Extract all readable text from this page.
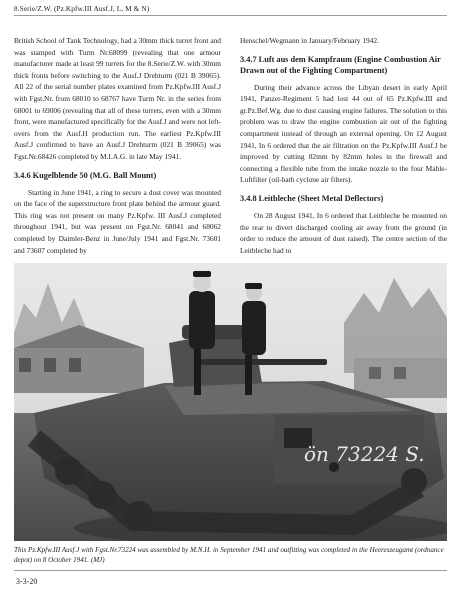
8.Serie/Z.W. (Pz.Kpfw.III Ausf.J, L, M & N)

British School of Tank Technology, had a 30mm thick turret front and was stamped with Turm Nr.68099 (revealing that one armour manufacturer made at least 99 turrets for the 8.Serie/Z.W. with 30mm thick fronts before switching to the Ausf.J Drehturm (021 B 39065). All 22 of the serial number plates examined from Pz.Kpfw.III Ausf.J with Fgst.Nr. from 68010 to 68767 have Turm Nr. in the series from 68001 to 69006 (revealing that all of these turrets, even with a 30mm front, were manufactured specifically for the Ausf.J and were not left-overs from the Ausf.H production run. The earliest Pz.Kpfw.III Ausf.J confirmed to have an Ausf.J Drehturm (021 B 39065) was Fgst.Nr.68426 completed by M.I.A.G. in late May 1941.

3.4.6 Kugelblende 50 (M.G. Ball Mount)

Starting in June 1941, a ring to secure a dust cover was mounted on the face of the superstructure front plate behind the armour guard. This ring was not present on many Pz.Kpfw. III Ausf.J completed throughout 1941, but was present on Fgst.Nr. 68041 and 68062 completed by Daimler-Benz in June/July 1941 and Fgst.Nr. 73601 and 73607 completed by

Henschel/Wegmann in January/February 1942.

3.4.7 Luft aus dem Kampfraum (Engine Combustion Air Drawn out of the Fighting Compartment)

During their advance across the Libyan desert in early April 1941, Panzer-Regiment 5 had lost 44 out of 65 Pz.Kpfw.III and gr.Pz.Bef.Wg. due to dust causing engine failures. The solution to this problem was to draw the engine combustion air out of the fighting compartment instead of through an external opening. On 12 August 1941, In 6 ordered that the air filtration on the Pz.Kpfw.III Ausf.J be improved by cutting 82mm by 82mm holes in the firewall and connecting a flexible tube from the intake nozzle to the four Mahle-Luftfilter (oil-bath cyclone air filters).

3.4.8 Leitbleche (Sheet Metal Deflectors)

On 28 August 1941, In 6 ordered that Leitbleche be mounted on the rear to divert discharged cooling air away from the ground (in order to reduce the amount of dust raised). The centre section of the Leitbleche had to

ön 73224 S.
This Pz.Kpfw.III Ausf.J with Fgst.Nr.73224 was assembled by M.N.H. in September 1941 and outfitting was completed in the Heereszeugamt (ordnance depot) on 8 October 1941. (MJ)
3-3-20
